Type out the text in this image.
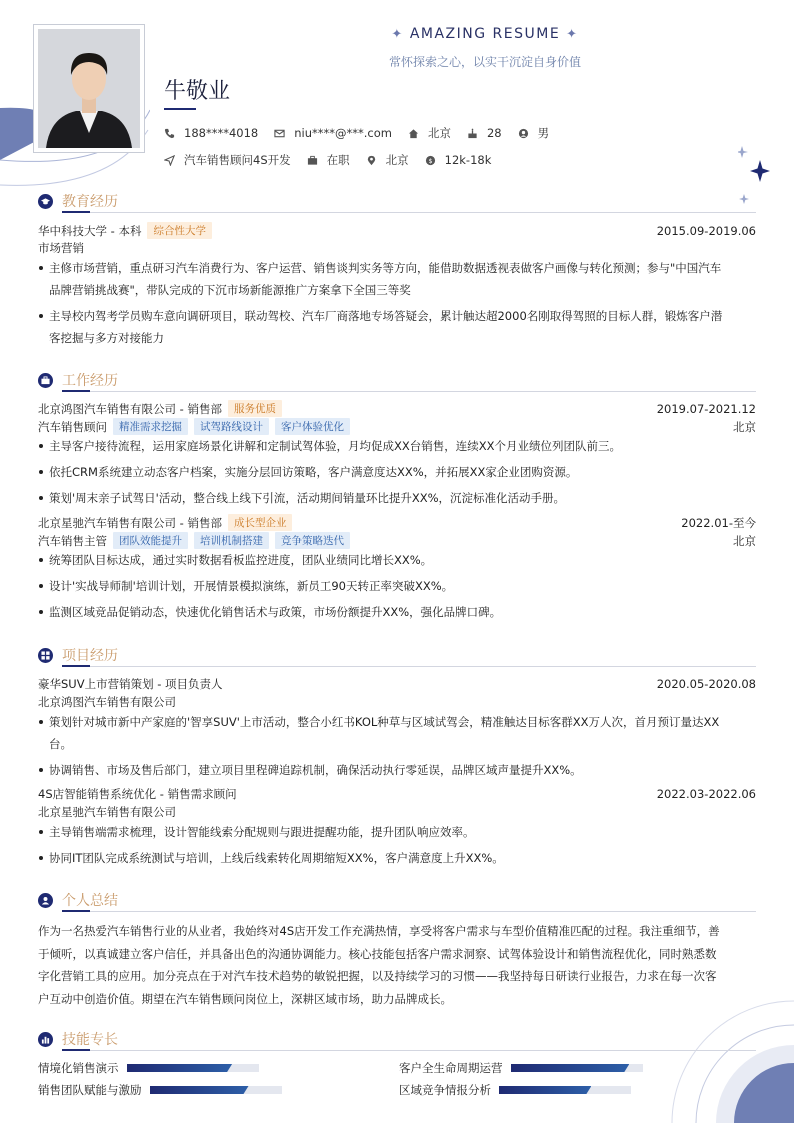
✦ AMAZING RESUME ✦
常怀探索之心，以实干沉淀自身价值
牛敬业
188****4018	niu****@***.com	北京	28	男
汽车销售顾问4S开发	在职	北京	$ 12k-18k
教育经历
华中科技大学 - 本科	综合性大学	2015.09-2019.06
市场营销
主修市场营销，重点研习汽车消费行为、客户运营、销售谈判实务等方向，能借助数据透视表做客户画像与转化预测；参与"中国汽车
品牌营销挑战赛"，带队完成的下沉市场新能源推广方案拿下全国三等奖
主导校内驾考学员购车意向调研项目，联动驾校、汽车厂商落地专场答疑会，累计触达超2000名刚取得驾照的目标人群，锻炼客户潜
客挖掘与多方对接能力
工作经历
北京鸿图汽车销售有限公司 - 销售部	服务优质	2019.07-2021.12
汽车销售顾问	精准需求挖掘	试驾路线设计	客户体验优化	北京
主导客户接待流程，运用家庭场景化讲解和定制试驾体验，月均促成XX台销售，连续XX个月业绩位列团队前三。
依托CRM系统建立动态客户档案，实施分层回访策略，客户满意度达XX%，并拓展XX家企业团购资源。
策划'周末亲子试驾日'活动，整合线上线下引流，活动期间销量环比提升XX%，沉淀标准化活动手册。
北京星驰汽车销售有限公司 - 销售部	成长型企业	2022.01-至今
汽车销售主管	团队效能提升	培训机制搭建	竞争策略迭代	北京
统筹团队目标达成，通过实时数据看板监控进度，团队业绩同比增长XX%。
设计'实战导师制'培训计划，开展情景模拟演练，新员工90天转正率突破XX%。
监测区域竞品促销动态，快速优化销售话术与政策，市场份额提升XX%，强化品牌口碑。
项目经历
豪华SUV上市营销策划 - 项目负责人	2020.05-2020.08
北京鸿图汽车销售有限公司
策划针对城市新中产家庭的'智享SUV'上市活动，整合小红书KOL种草与区域试驾会，精准触达目标客群XX万人次，首月预订量达XX
台。
协调销售、市场及售后部门，建立项目里程碑追踪机制，确保活动执行零延误，品牌区域声量提升XX%。
4S店智能销售系统优化 - 销售需求顾问	2022.03-2022.06
北京星驰汽车销售有限公司
主导销售端需求梳理，设计智能线索分配规则与跟进提醒功能，提升团队响应效率。
协同IT团队完成系统测试与培训，上线后线索转化周期缩短XX%，客户满意度上升XX%。
个人总结
作为一名热爱汽车销售行业的从业者，我始终对4S店开发工作充满热情，享受将客户需求与车型价值精准匹配的过程。我注重细节，善
于倾听，以真诚建立客户信任，并具备出色的沟通协调能力。核心技能包括客户需求洞察、试驾体验设计和销售流程优化，同时熟悉数
字化营销工具的应用。加分亮点在于对汽车技术趋势的敏锐把握，以及持续学习的习惯——我坚持每日研读行业报告，力求在每一次客
户互动中创造价值。期望在汽车销售顾问岗位上，深耕区域市场，助力品牌成长。
技能专长
情境化销售演示	客户全生命周期运营
销售团队赋能与激励	区域竞争情报分析
